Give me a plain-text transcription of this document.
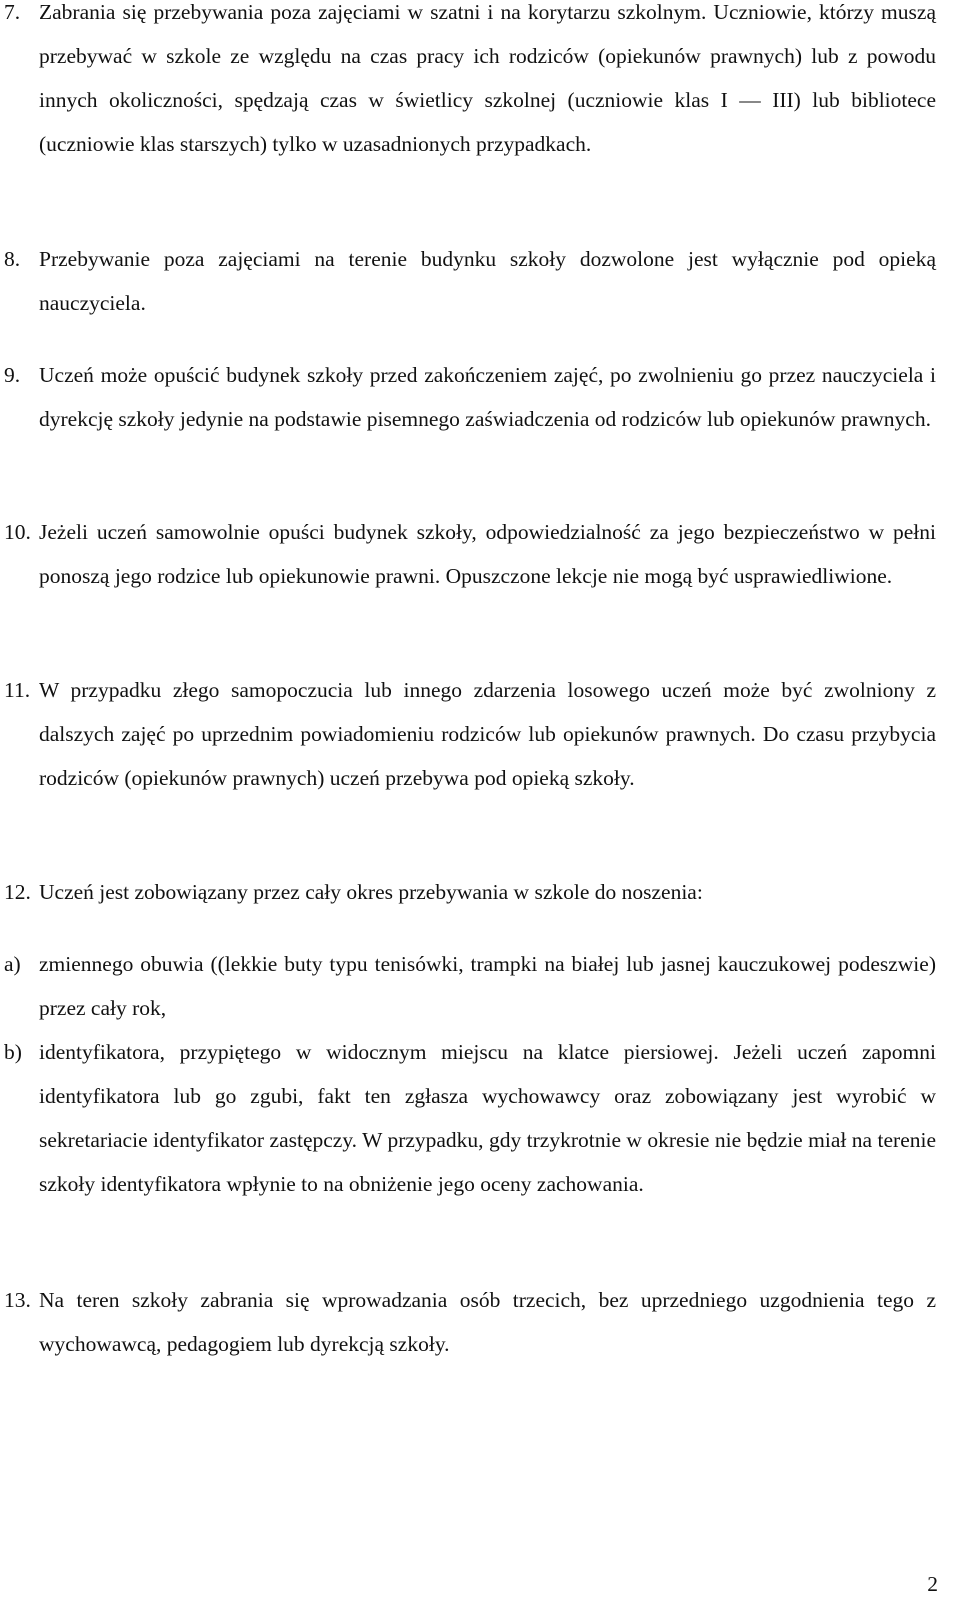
7. Zabrania się przebywania poza zajęciami w szatni i na korytarzu szkolnym. Uczniowie, którzy muszą przebywać w szkole ze względu na czas pracy ich rodziców (opiekunów prawnych) lub z powodu innych okoliczności, spędzają czas w świetlicy szkolnej (uczniowie klas I — III) lub bibliotece (uczniowie klas starszych) tylko w uzasadnionych przypadkach.
8. Przebywanie poza zajęciami na terenie budynku szkoły dozwolone jest wyłącznie pod opieką nauczyciela.
9. Uczeń może opuścić budynek szkoły przed zakończeniem zajęć, po zwolnieniu go przez nauczyciela i dyrekcję szkoły jedynie na podstawie pisemnego zaświadczenia od rodziców lub opiekunów prawnych.
10. Jeżeli uczeń samowolnie opuści budynek szkoły, odpowiedzialność za jego bezpieczeństwo w pełni ponoszą jego rodzice lub opiekunowie prawni. Opuszczone lekcje nie mogą być usprawiedliwione.
11. W przypadku złego samopoczucia lub innego zdarzenia losowego uczeń może być zwolniony z dalszych zajęć po uprzednim powiadomieniu rodziców lub opiekunów prawnych. Do czasu przybycia rodziców (opiekunów prawnych) uczeń przebywa pod opieką szkoły.
12. Uczeń jest zobowiązany przez cały okres przebywania w szkole do noszenia:
a) zmiennego obuwia ((lekkie buty typu tenisówki, trampki na białej lub jasnej kauczukowej podeszwie) przez cały rok,
b) identyfikatora, przypiętego w widocznym miejscu na klatce piersiowej. Jeżeli uczeń zapomni identyfikatora lub go zgubi, fakt ten zgłasza wychowawcy oraz zobowiązany jest wyrobić w sekretariacie identyfikator zastępczy. W przypadku, gdy trzykrotnie w okresie nie będzie miał na terenie szkoły identyfikatora wpłynie to na obniżenie jego oceny zachowania.
13. Na teren szkoły zabrania się wprowadzania osób trzecich, bez uprzedniego uzgodnienia tego z wychowawcą, pedagogiem lub dyrekcją szkoły.
2
